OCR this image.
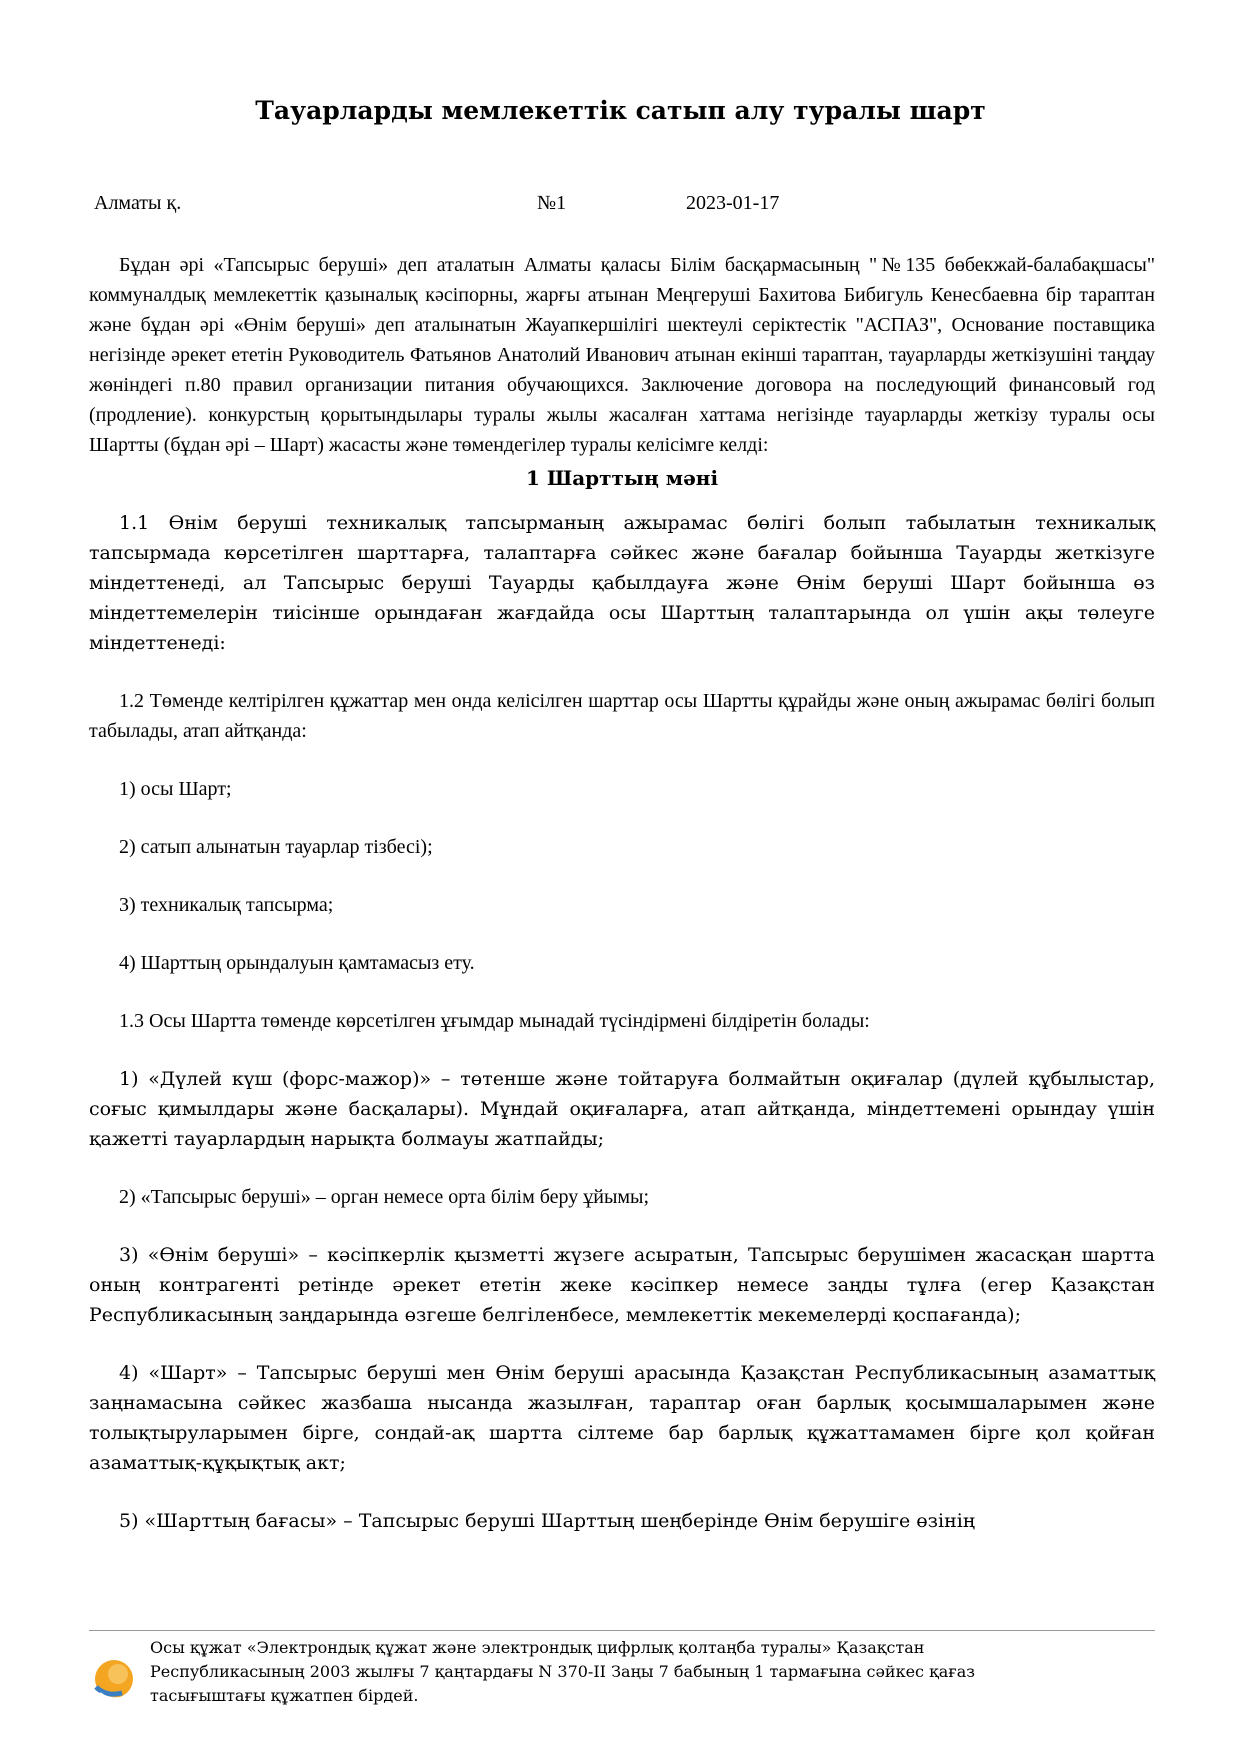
Тауарларды мемлекеттік сатып алу туралы шарт
Алматы қ.	№1	2023-01-17

Бұдан әрі «Тапсырыс беруші» деп аталатын Алматы қаласы Білім басқармасының "№135 бөбекжай-балабақшасы" коммуналдық мемлекеттік қазыналық кәсіпорны, жарғы атынан Меңгеруші Бахитова Бибигуль Кенесбаевна бір тараптан және бұдан әрі «Өнім беруші» деп аталынатын Жауапкершілігі шектеулі серіктестік "АСПАЗ", Основание поставщика негізінде әрекет ететін Руководитель Фатьянов Анатолий Иванович атынан екінші тараптан, тауарларды жеткізушіні таңдау жөніндегі п.80 правил организации питания обучающихся. Заключение договора на последующий финансовый год (продление). конкурстың қорытындылары туралы жылы жасалған хаттама негізінде тауарларды жеткізу туралы осы Шартты (бұдан әрі – Шарт) жасасты және төмендегілер туралы келісімге келді:

1 Шарттың мәні

1.1 Өнім беруші техникалық тапсырманың ажырамас бөлігі болып табылатын техникалық тапсырмада көрсетілген шарттарға, талаптарға сәйкес және бағалар бойынша Тауарды жеткізуге міндеттенеді, ал Тапсырыс беруші Тауарды қабылдауға және Өнім беруші Шарт бойынша өз міндеттемелерін тиісінше орындаған жағдайда осы Шарттың талаптарында ол үшін ақы төлеуге міндеттенеді:

1.2 Төменде келтірілген құжаттар мен онда келісілген шарттар осы Шартты құрайды және оның ажырамас бөлігі болып табылады, атап айтқанда:

1) осы Шарт;

2) сатып алынатын тауарлар тізбесі);

3) техникалық тапсырма;

4) Шарттың орындалуын қамтамасыз ету.

1.3 Осы Шартта төменде көрсетілген ұғымдар мынадай түсіндірмені білдіретін болады:

1) «Дүлей күш (форс-мажор)» – төтенше және тойтаруға болмайтын оқиғалар (дүлей құбылыстар, соғыс қимылдары және басқалары). Мұндай оқиғаларға, атап айтқанда, міндеттемені орындау үшін қажетті тауарлардың нарықта болмауы жатпайды;

2) «Тапсырыс беруші» – орган немесе орта білім беру ұйымы;

3) «Өнім беруші» – кәсіпкерлік қызметті жүзеге асыратын, Тапсырыс берушімен жасасқан шартта оның контрагенті ретінде әрекет ететін жеке кәсіпкер немесе заңды тұлға (егер Қазақстан Республикасының заңдарында өзгеше белгіленбесе, мемлекеттік мекемелерді қоспағанда);

4) «Шарт» – Тапсырыс беруші мен Өнім беруші арасында Қазақстан Республикасының азаматтық заңнамасына сәйкес жазбаша нысанда жазылған, тараптар оған барлық қосымшаларымен және толықтыруларымен бірге, сондай-ақ шартта сілтеме бар барлық құжаттамамен бірге қол қойған азаматтық-құқықтық акт;

5) «Шарттың бағасы» – Тапсырыс беруші Шарттың шеңберінде Өнім берушіге өзінің

Осы құжат «Электрондық құжат және электрондық цифрлық қолтаңба туралы» Қазақстан Республикасының 2003 жылғы 7 қаңтардағы N 370-II Заңы 7 бабының 1 тармағына сәйкес қағаз тасығыштағы құжатпен бірдей.
